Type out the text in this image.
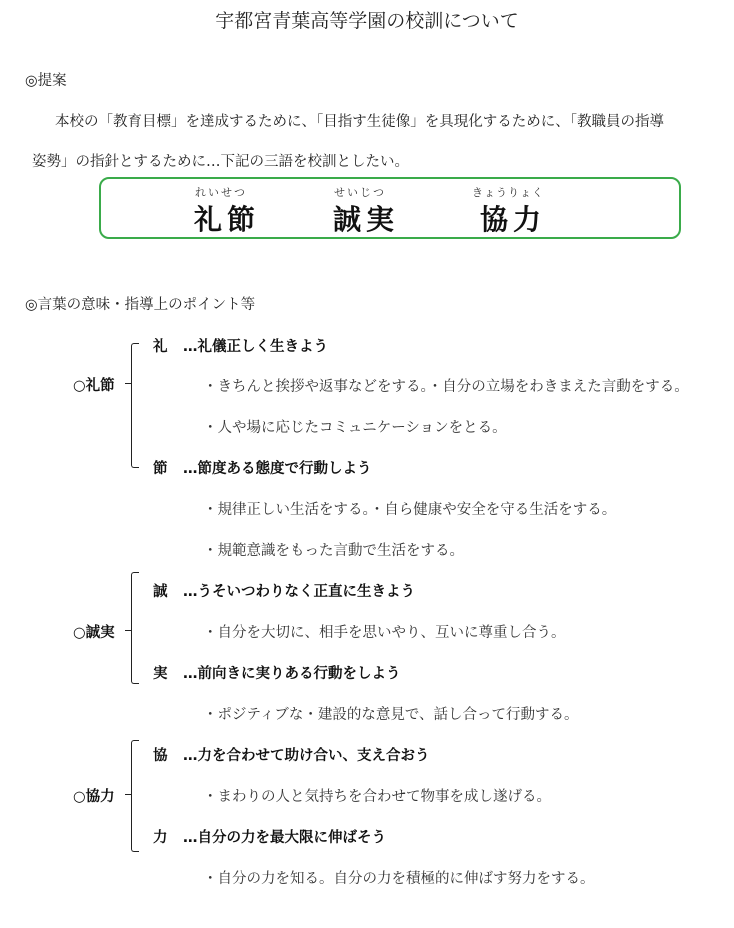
宇都宮青葉高等学園の校訓について
◎提案
本校の「教育目標」を達成するために、「目指す生徒像」を具現化するために、「教職員の指導
姿勢」の指針とするために…下記の三語を校訓としたい。
れいせつ
礼節
せいじつ
誠実
きょうりょく
協力
◎言葉の意味・指導上のポイント等
○礼節
礼 …礼儀正しく生きよう
・きちんと挨拶や返事などをする。・自分の立場をわきまえた言動をする。
・人や場に応じたコミュニケーションをとる。
節 …節度ある態度で行動しよう
・規律正しい生活をする。・自ら健康や安全を守る生活をする。
・規範意識をもった言動で生活をする。
○誠実
誠 …うそいつわりなく正直に生きよう
・自分を大切に、相手を思いやり、互いに尊重し合う。
実 …前向きに実りある行動をしよう
・ポジティブな・建設的な意見で、話し合って行動する。
○協力
協 …力を合わせて助け合い、支え合おう
・まわりの人と気持ちを合わせて物事を成し遂げる。
力 …自分の力を最大限に伸ばそう
・自分の力を知る。自分の力を積極的に伸ばす努力をする。
